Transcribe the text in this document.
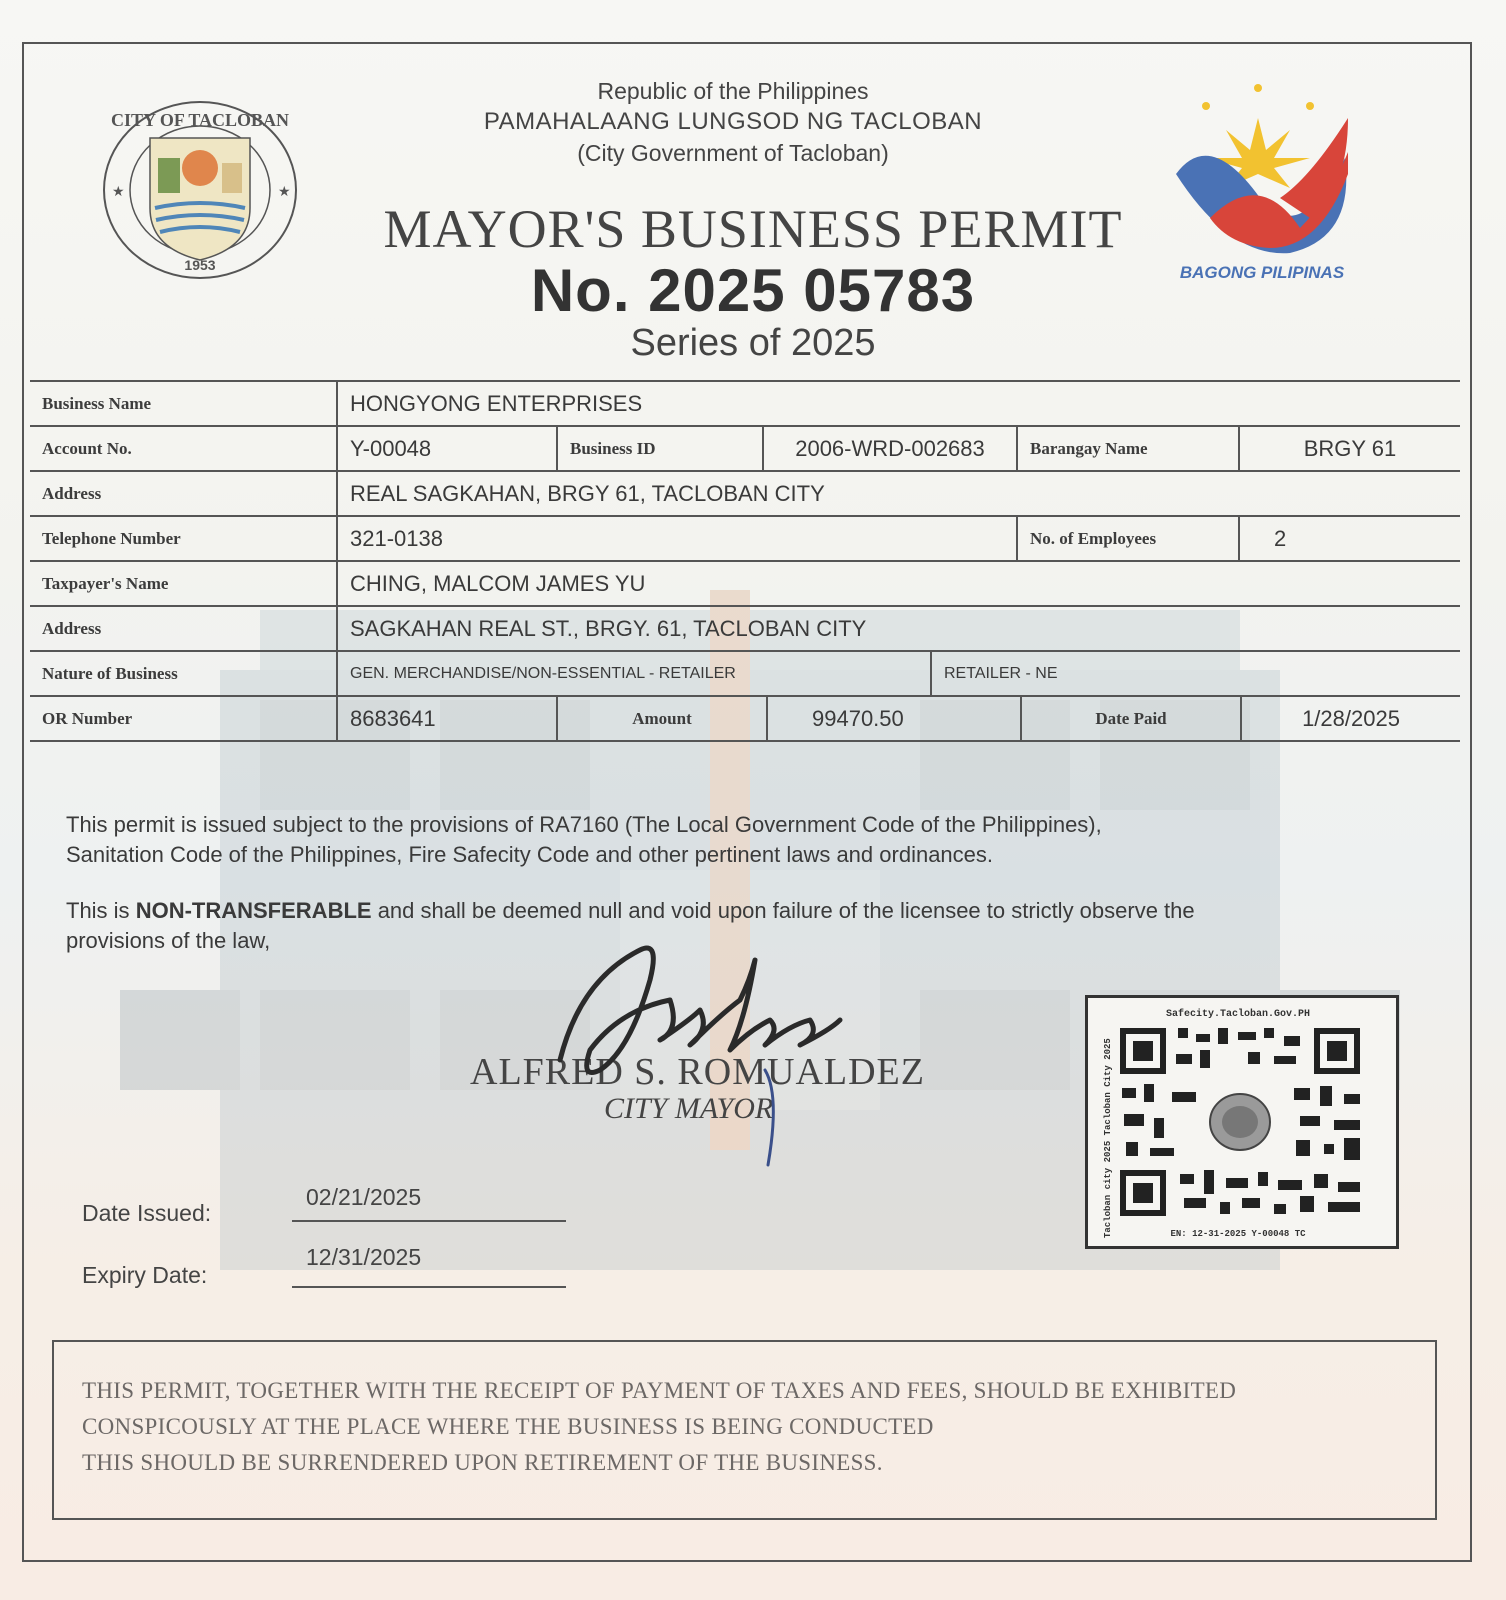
CITY OF TACLOBAN
1953
★	★
Republic of the Philippines
PAMAHALAANG LUNGSOD NG TACLOBAN
(City Government of Tacloban)
MAYOR'S BUSINESS PERMIT
No. 2025 05783
Series of 2025
BAGONG PILIPINAS
Business Name	HONGYONG ENTERPRISES
Account No.	Y-00048	Business ID	2006-WRD-002683	Barangay Name	BRGY 61
Address	REAL SAGKAHAN, BRGY 61, TACLOBAN CITY
Telephone Number	321-0138	No. of Employees	2
Taxpayer's Name	CHING, MALCOM JAMES YU
Address	SAGKAHAN REAL ST., BRGY. 61, TACLOBAN CITY
Nature of Business	GEN. MERCHANDISE/NON-ESSENTIAL - RETAILER	RETAILER - NE
OR Number	8683641	Amount	99470.50	Date Paid	1/28/2025
This permit is issued subject to the provisions of RA7160 (The Local Government Code of the Philippines),
Sanitation Code of the Philippines, Fire Safecity Code and other pertinent laws and ordinances.
This is NON-TRANSFERABLE and shall be deemed null and void upon failure of the licensee to strictly observe the
provisions of the law,
ALFRED S. ROMUALDEZ
CITY MAYOR
Date Issued:
02/21/2025
Expiry Date:
12/31/2025
Safecity.Tacloban.Gov.PH
Tacloban city 2025 Tacloban City 2025	EN: 12-31-2025 Y-00048 TC
THIS PERMIT, TOGETHER WITH THE RECEIPT OF PAYMENT OF TAXES AND FEES, SHOULD BE EXHIBITED
CONSPICOUSLY AT THE PLACE WHERE THE BUSINESS IS BEING CONDUCTED
THIS SHOULD BE SURRENDERED UPON RETIREMENT OF THE BUSINESS.
